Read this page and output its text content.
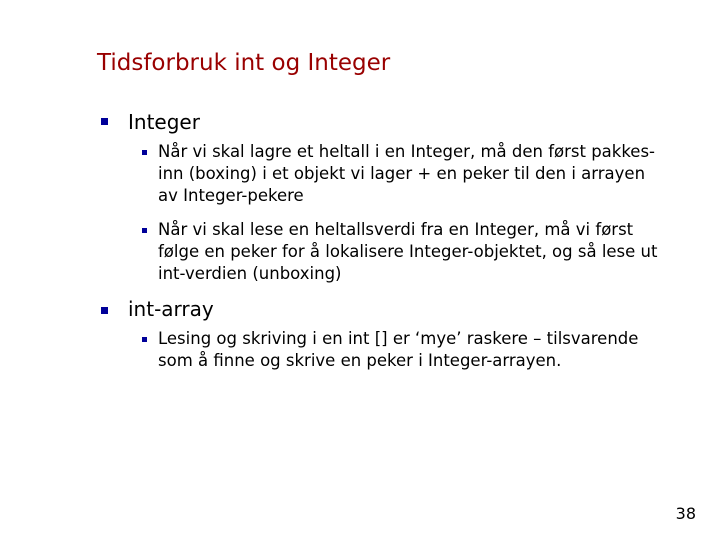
Tidsforbruk int og Integer
Integer
Når vi skal lagre et heltall i en Integer, må den først pakkes-
inn (boxing) i et objekt vi lager + en peker til den i arrayen
av Integer-pekere
Når vi skal lese en heltallsverdi fra en Integer, må vi først
følge en peker for å lokalisere Integer-objektet, og så lese ut
int-verdien (unboxing)
int-array
Lesing og skriving i en int [] er ‘mye’ raskere – tilsvarende
som å finne og skrive en peker i Integer-arrayen.
38
